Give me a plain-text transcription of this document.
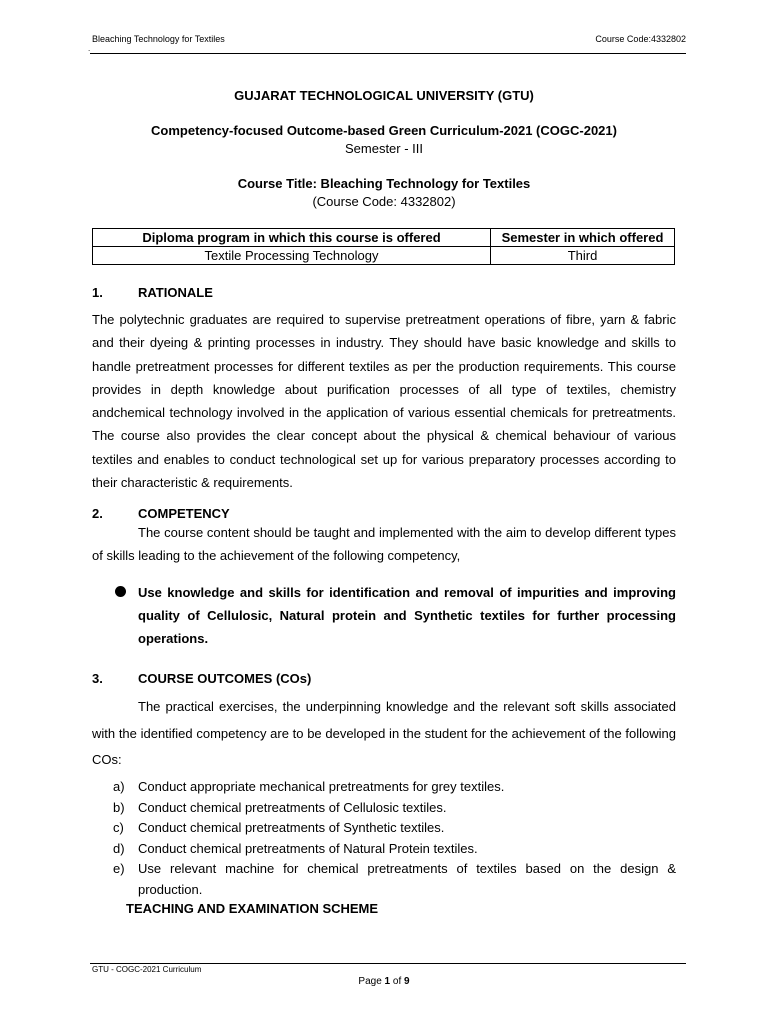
Bleaching Technology for Textiles	Course Code:4332802
.
GUJARAT TECHNOLOGICAL UNIVERSITY (GTU)
Competency-focused Outcome-based Green Curriculum-2021 (COGC-2021)
Semester - III
Course Title: Bleaching Technology for Textiles
(Course Code: 4332802)
Diploma program in which this course is offered	Semester in which offered
Textile Processing Technology	Third
1.	RATIONALE
The polytechnic graduates are required to supervise pretreatment operations of fibre, yarn & fabric and their dyeing & printing processes in industry. They should have basic knowledge and skills to handle pretreatment processes for different textiles as per the production requirements. This course provides in depth knowledge about purification processes of all type of textiles, chemistry andchemical technology involved in the application of various essential chemicals for pretreatments. The course also provides the clear concept about the physical & chemical behaviour of various textiles and enables to conduct technological set up for various preparatory processes according to their characteristic & requirements.
2.	COMPETENCY
The course content should be taught and implemented with the aim to develop different types of skills leading to the achievement of the following competency,
Use knowledge and skills for identification and removal of impurities and improving quality of Cellulosic, Natural protein and Synthetic textiles for further processing operations.
3.	COURSE OUTCOMES (COs)
The practical exercises, the underpinning knowledge and the relevant soft skills associated with the identified competency are to be developed in the student for the achievement of the following COs:
a) Conduct appropriate mechanical pretreatments for grey textiles.
b) Conduct chemical pretreatments of Cellulosic textiles.
c) Conduct chemical pretreatments of Synthetic textiles.
d) Conduct chemical pretreatments of Natural Protein textiles.
e) Use relevant machine for chemical pretreatments of textiles based on the design & production.
TEACHING AND EXAMINATION SCHEME
GTU - COGC-2021 Curriculum
Page 1 of 9
